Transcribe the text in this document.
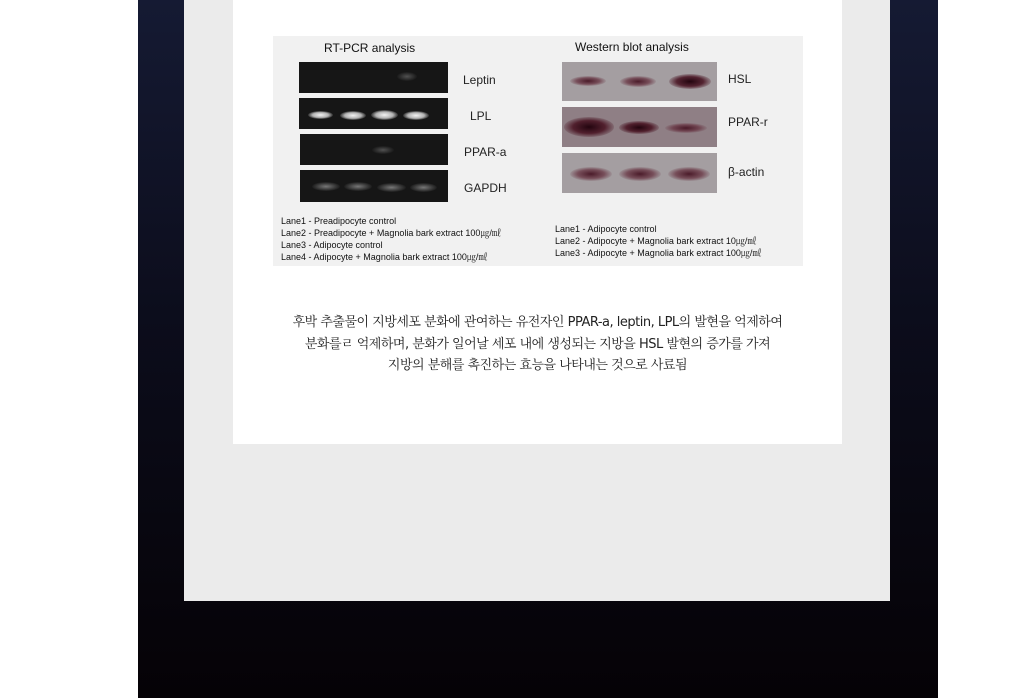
RT-PCR analysis
Leptin
LPL
PPAR-a
GAPDH
Lane1 - Preadipocyte control
Lane2 - Preadipocyte + Magnolia bark extract 100㎍/㎖
Lane3 - Adipocyte control
Lane4 - Adipocyte + Magnolia bark extract 100㎍/㎖
Western blot analysis
HSL
PPAR-r
β-actin
Lane1 - Adipocyte control
Lane2 - Adipocyte + Magnolia bark extract 10㎍/㎖
Lane3 - Adipocyte + Magnolia bark extract 100㎍/㎖
후박 추출물이 지방세포 분화에 관여하는 유전자인 PPAR-a, leptin, LPL의 발현을 억제하여
분화를ㄹ 억제하며, 분화가 일어날 세포 내에 생성되는 지방을 HSL 발현의 증가를 가져
지방의 분해를 촉진하는 효능을 나타내는 것으로 사료됨
